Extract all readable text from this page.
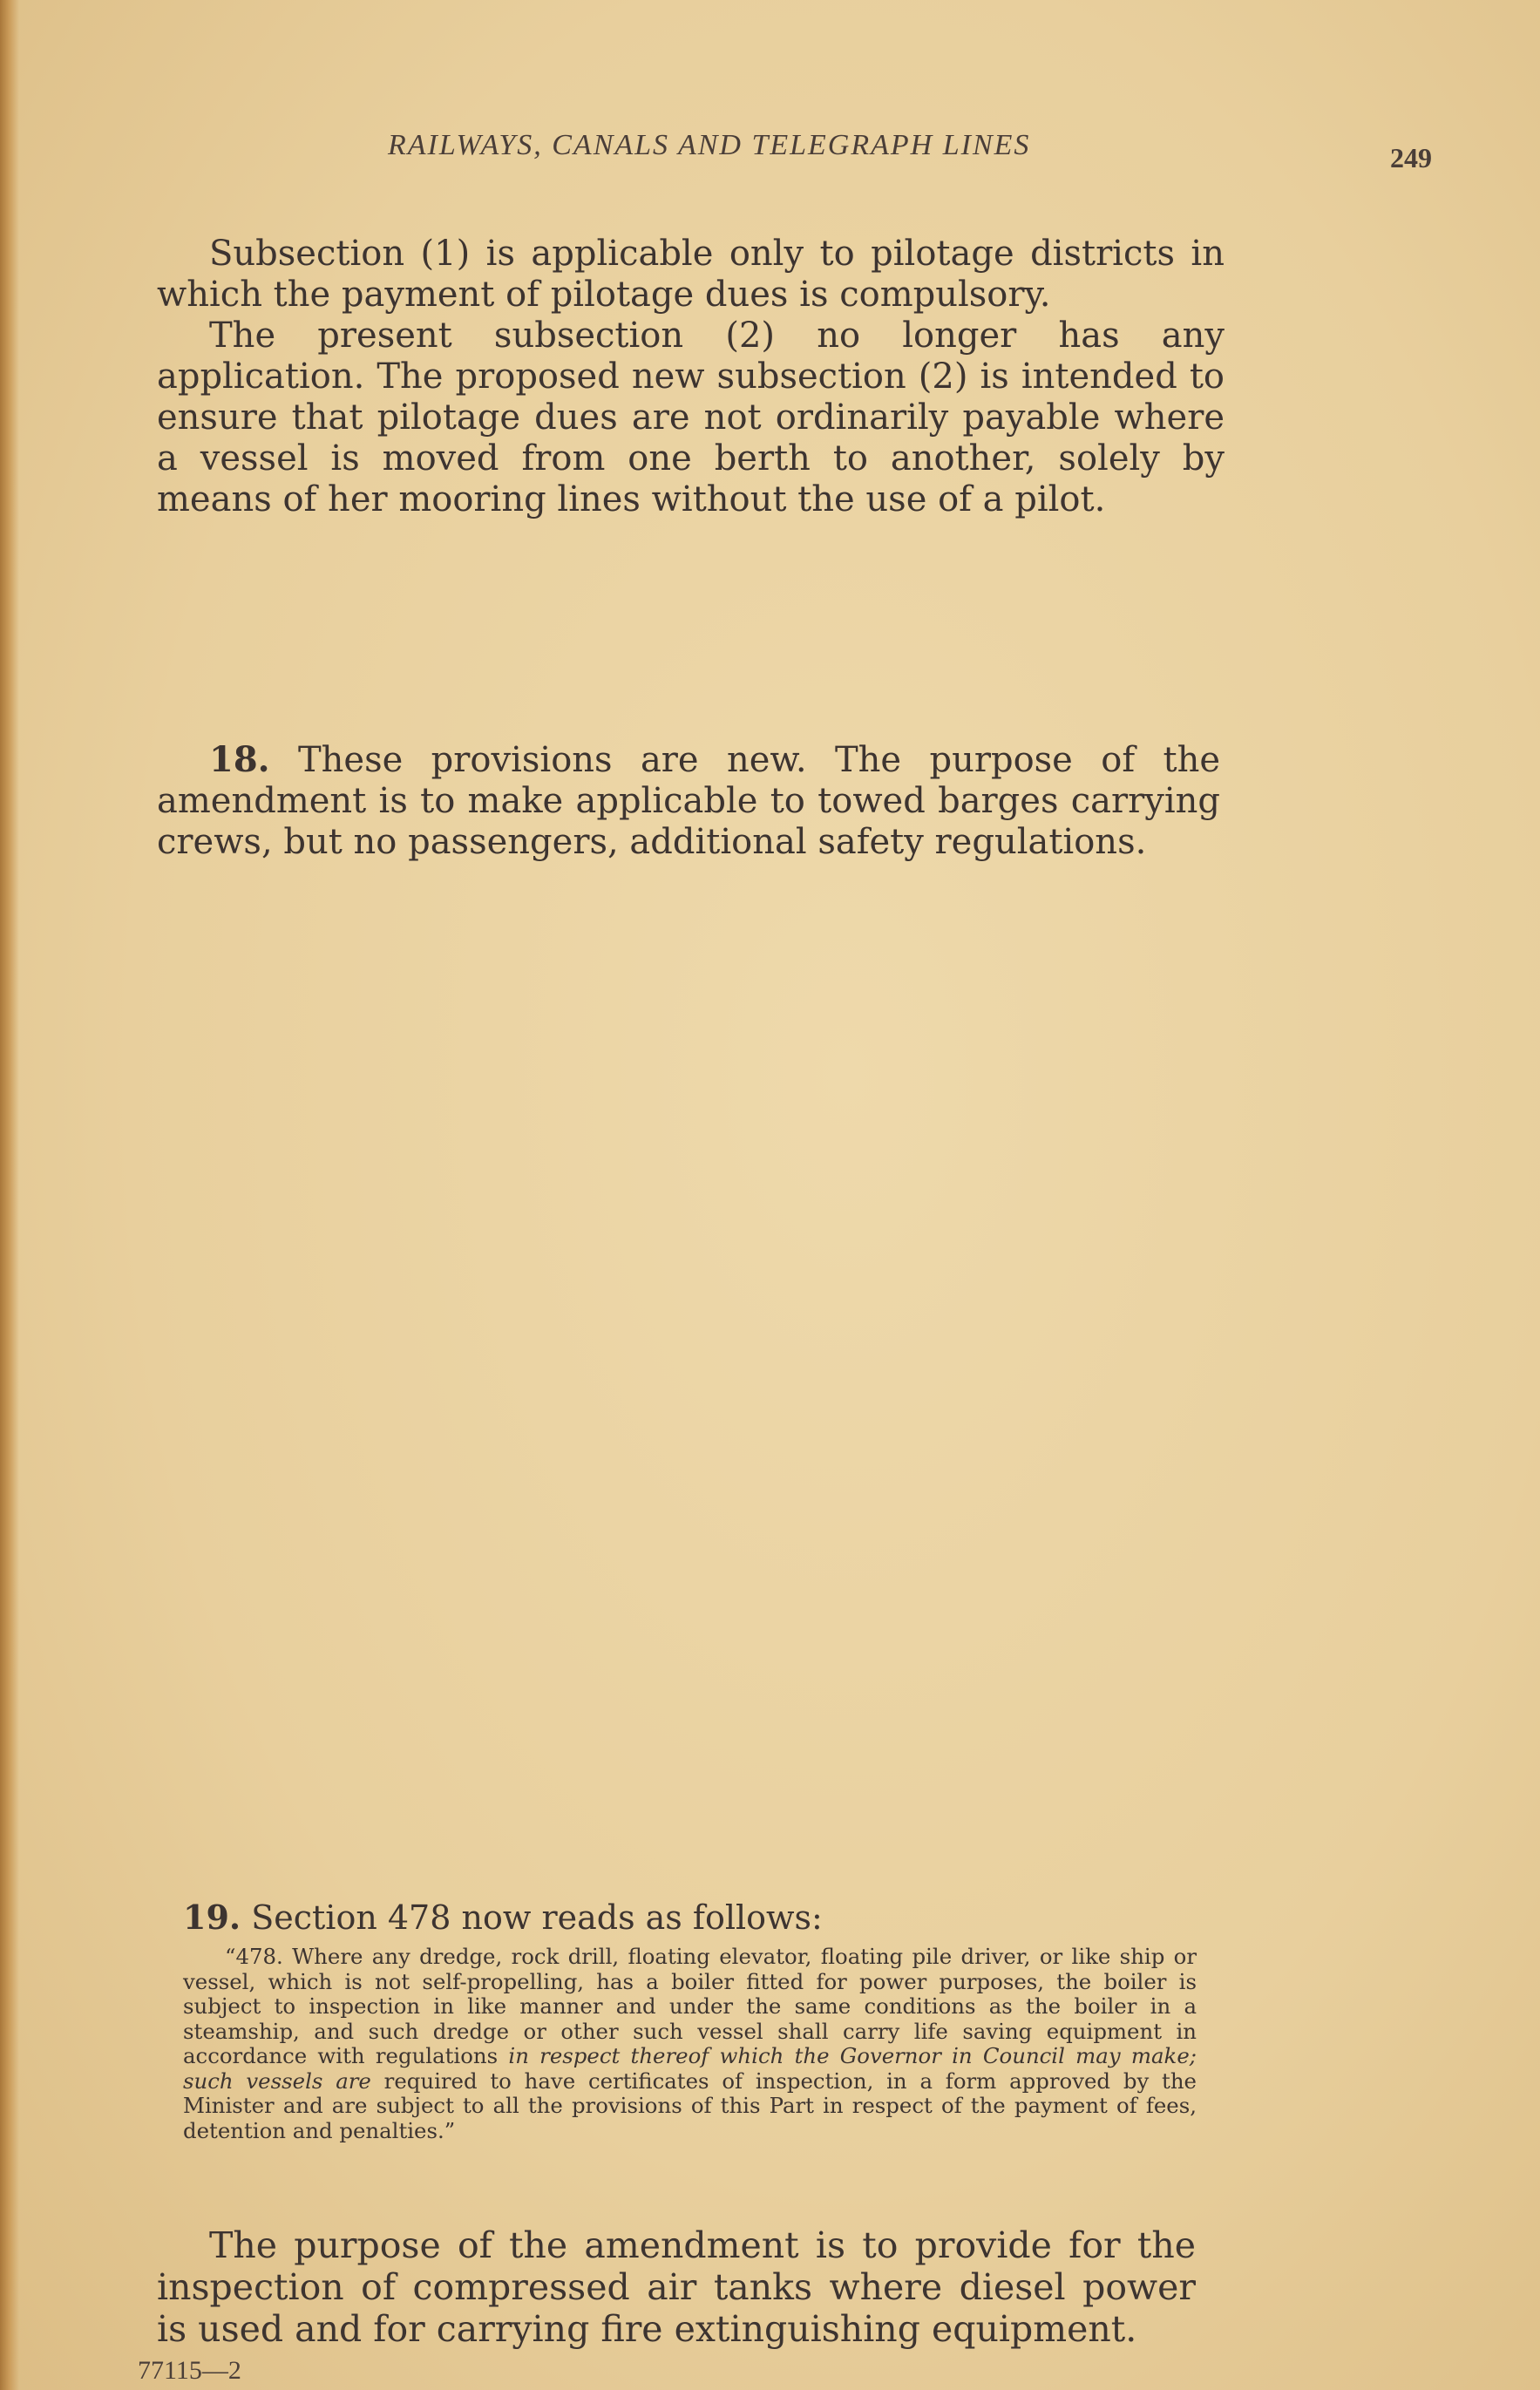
RAILWAYS, CANALS AND TELEGRAPH LINES	249

Subsection (1) is applicable only to pilotage districts in which the payment of pilotage dues is compulsory.

The present subsection (2) no longer has any application. The proposed new subsection (2) is intended to ensure that pilotage dues are not ordinarily payable where a vessel is moved from one berth to another, solely by means of her mooring lines without the use of a pilot.

18. These provisions are new. The purpose of the amendment is to make applicable to towed barges carrying crews, but no passengers, additional safety regulations.

19. Section 478 now reads as follows:

“478. Where any dredge, rock drill, floating elevator, floating pile driver, or like ship or vessel, which is not self-propelling, has a boiler fitted for power purposes, the boiler is subject to inspection in like manner and under the same conditions as the boiler in a steamship, and such dredge or other such vessel shall carry life saving equipment in accordance with regulations in respect thereof which the Governor in Council may make; such vessels are required to have certificates of inspection, in a form approved by the Minister and are subject to all the provisions of this Part in respect of the payment of fees, detention and penalties.”

The purpose of the amendment is to provide for the inspection of compressed air tanks where diesel power is used and for carrying fire extinguishing equipment.

77115—2
